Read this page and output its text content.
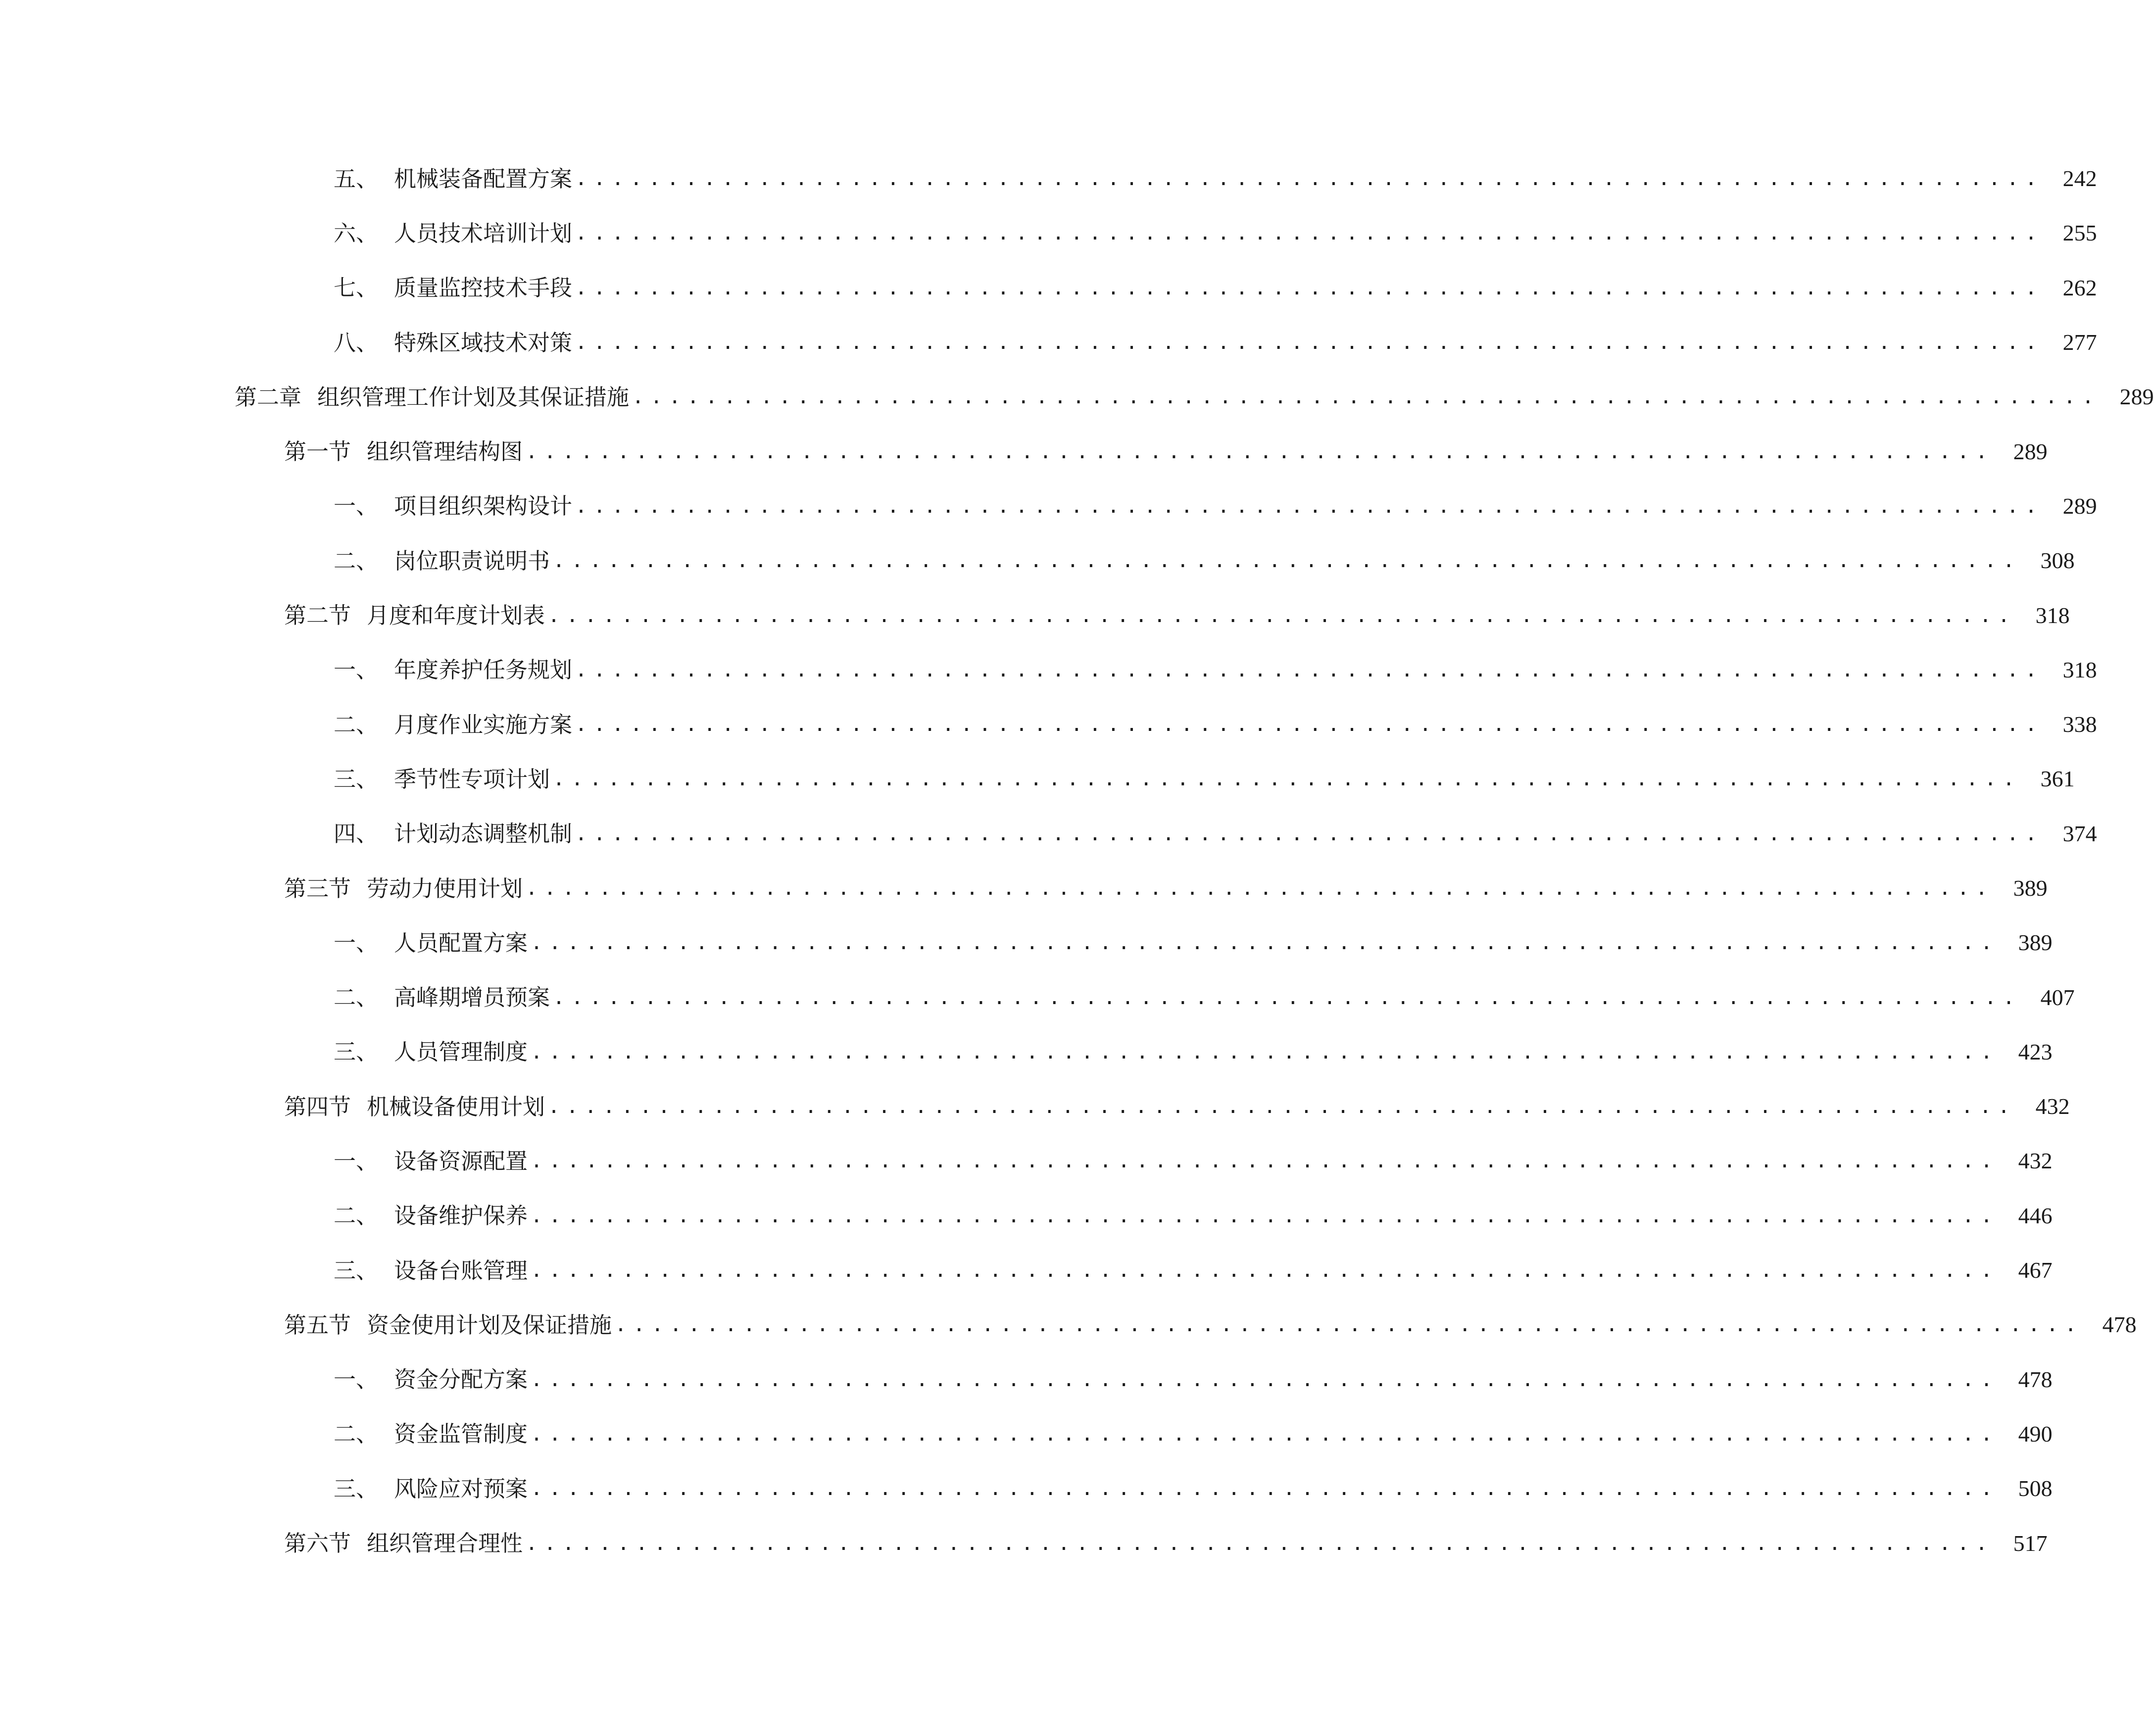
五、 机械装备配置方案 ................................................................................ 242
六、 人员技术培训计划 ................................................................................ 255
七、 质量监控技术手段 ................................................................................ 262
八、 特殊区域技术对策 ................................................................................ 277
第二章 组织管理工作计划及其保证措施 ................................................................................ 289
第一节 组织管理结构图 ................................................................................ 289
一、 项目组织架构设计 ................................................................................ 289
二、 岗位职责说明书 ................................................................................ 308
第二节 月度和年度计划表 ................................................................................ 318
一、 年度养护任务规划 ................................................................................ 318
二、 月度作业实施方案 ................................................................................ 338
三、 季节性专项计划 ................................................................................ 361
四、 计划动态调整机制 ................................................................................ 374
第三节 劳动力使用计划 ................................................................................ 389
一、 人员配置方案 ................................................................................ 389
二、 高峰期增员预案 ................................................................................ 407
三、 人员管理制度 ................................................................................ 423
第四节 机械设备使用计划 ................................................................................ 432
一、 设备资源配置 ................................................................................ 432
二、 设备维护保养 ................................................................................ 446
三、 设备台账管理 ................................................................................ 467
第五节 资金使用计划及保证措施 ................................................................................ 478
一、 资金分配方案 ................................................................................ 478
二、 资金监管制度 ................................................................................ 490
三、 风险应对预案 ................................................................................ 508
第六节 组织管理合理性 ................................................................................ 517
